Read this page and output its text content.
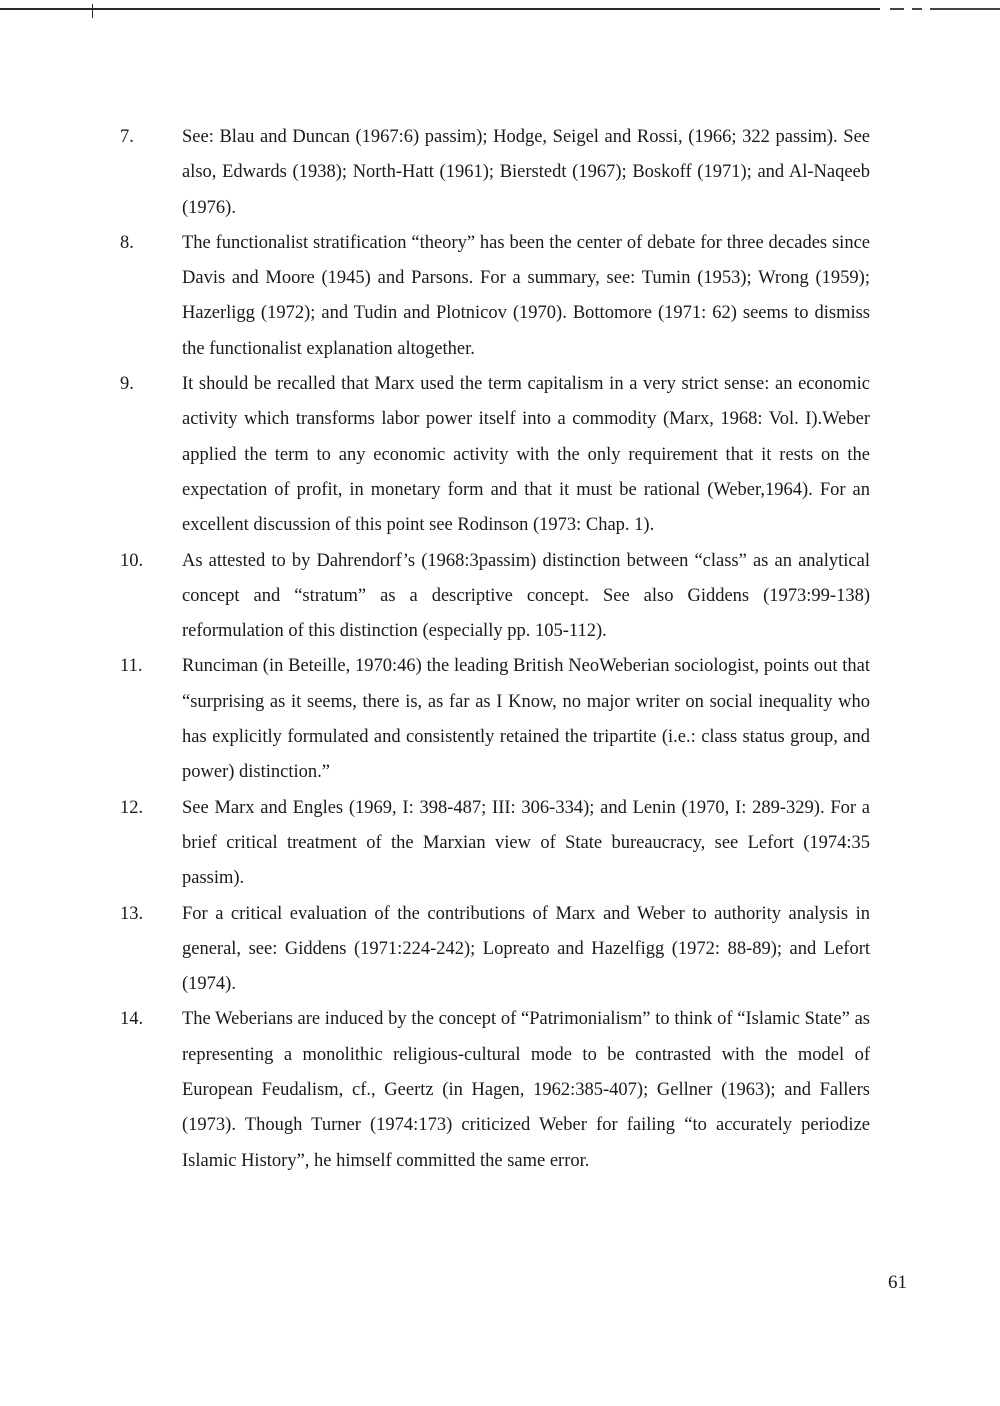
7.	See: Blau and Duncan (1967:6) passim); Hodge, Seigel and Rossi, (1966; 322 passim). See also, Edwards (1938); North-Hatt (1961); Bierstedt (1967); Boskoff (1971); and Al-Naqeeb (1976).
8.	The functionalist stratification “theory” has been the center of debate for three decades since Davis and Moore (1945) and Parsons. For a summary, see: Tumin (1953); Wrong (1959); Hazerligg (1972); and Tudin and Plotnicov (1970). Bottomore (1971: 62) seems to dismiss the functionalist explanation altogether.
9.	It should be recalled that Marx used the term capitalism in a very strict sense: an economic activity which transforms labor power itself into a commodity (Marx, 1968: Vol. I).Weber applied the term to any economic activity with the only requirement that it rests on the expectation of profit, in monetary form and that it must be rational (Weber,1964). For an excellent discussion of this point see Rodinson (1973: Chap. 1).
10. As attested to by Dahrendorf’s (1968:3passim) distinction between “class” as an analytical concept and “stratum” as a descriptive concept. See also Giddens (1973:99-138) reformulation of this distinction (especially pp. 105-112).
11. Runciman (in Beteille, 1970:46) the leading British NeoWeberian sociologist, points out that “surprising as it seems, there is, as far as I Know, no major writer on social inequality who has explicitly formulated and consistently retained the tripartite (i.e.: class status group, and power) distinction.”
12. See Marx and Engles (1969, I: 398-487; III: 306-334); and Lenin (1970, I: 289-329). For a brief critical treatment of the Marxian view of State bureaucracy, see Lefort (1974:35 passim).
13. For a critical evaluation of the contributions of Marx and Weber to authority analysis in general, see: Giddens (1971:224-242); Lopreato and Hazelfigg (1972: 88-89); and Lefort (1974).
14. The Weberians are induced by the concept of “Patrimonialism” to think of “Islamic State” as representing a monolithic religious-cultural mode to be contrasted with the model of European Feudalism, cf., Geertz (in Hagen, 1962:385-407); Gellner (1963); and Fallers (1973). Though Turner (1974:173) criticized Weber for failing “to accurately periodize Islamic History”, he himself committed the same error.
61
